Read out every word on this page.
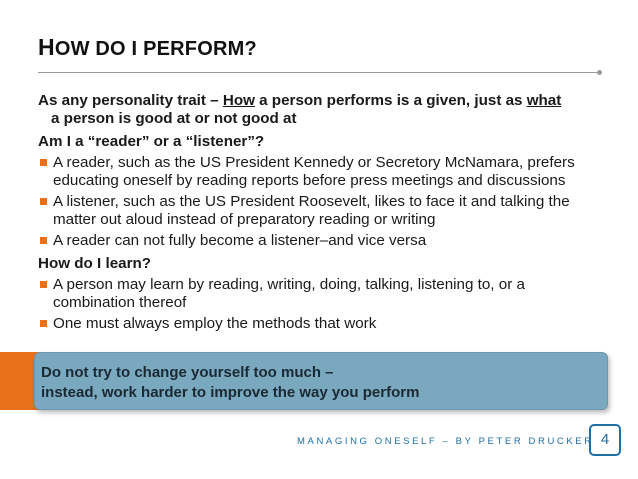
HOW DO I PERFORM?
As any personality trait – How a person performs is a given, just as what
a person is good at or not good at
Am I a “reader” or a “listener”?
A reader, such as the US President Kennedy or Secretory McNamara, prefers educating oneself by reading reports before press meetings and discussions
A listener, such as the US President Roosevelt, likes to face it and talking the matter out aloud instead of preparatory reading or writing
A reader can not fully become a listener–and vice versa
How do I learn?
A person may learn by reading, writing, doing, talking, listening to, or a combination thereof
One must always employ the methods that work
Do not try to change yourself too much –
instead, work harder to improve the way you perform
MANAGING ONESELF – BY PETER DRUCKER 4
